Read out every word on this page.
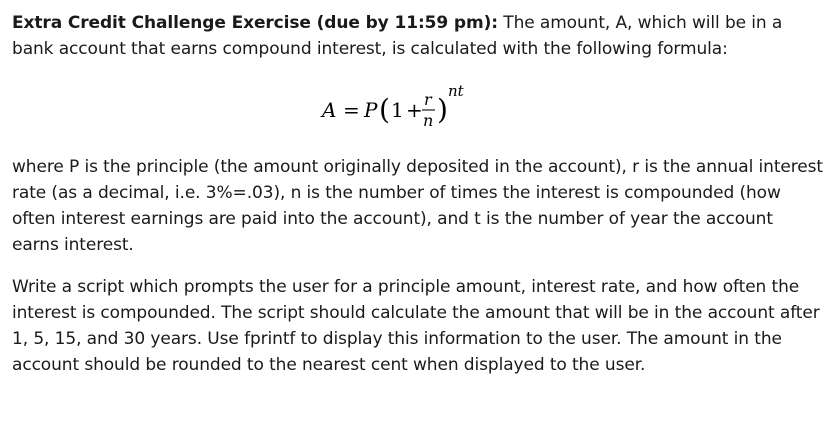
Extra Credit Challenge Exercise (due by 11:59 pm): The amount, A, which will be in a bank account that earns compound interest, is calculated with the following formula:

A = P ( 1 + r
n )
nt

where P is the principle (the amount originally deposited in the account), r is the annual interest rate (as a decimal, i.e. 3%=.03), n is the number of times the interest is compounded (how often interest earnings are paid into the account), and t is the number of year the account earns interest.

Write a script which prompts the user for a principle amount, interest rate, and how often the interest is compounded. The script should calculate the amount that will be in the account after 1, 5, 15, and 30 years. Use fprintf to display this information to the user. The amount in the account should be rounded to the nearest cent when displayed to the user.
